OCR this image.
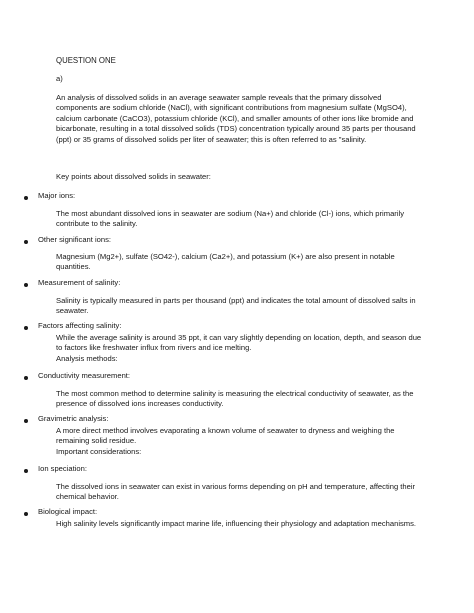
QUESTION ONE
a)
An analysis of dissolved solids in an average seawater sample reveals that the primary dissolved components are sodium chloride (NaCl), with significant contributions from magnesium sulfate (MgSO4), calcium carbonate (CaCO3), potassium chloride (KCl), and smaller amounts of other ions like bromide and bicarbonate, resulting in a total dissolved solids (TDS) concentration typically around 35 parts per thousand (ppt) or 35 grams of dissolved solids per liter of seawater; this is often referred to as "salinity.
Key points about dissolved solids in seawater:
Major ions:
The most abundant dissolved ions in seawater are sodium (Na+) and chloride (Cl-) ions, which primarily contribute to the salinity.
Other significant ions:
Magnesium (Mg2+), sulfate (SO42-), calcium (Ca2+), and potassium (K+) are also present in notable quantities.
Measurement of salinity:
Salinity is typically measured in parts per thousand (ppt) and indicates the total amount of dissolved salts in seawater.
Factors affecting salinity:
While the average salinity is around 35 ppt, it can vary slightly depending on location, depth, and season due to factors like freshwater influx from rivers and ice melting.
Analysis methods:
Conductivity measurement:
The most common method to determine salinity is measuring the electrical conductivity of seawater, as the presence of dissolved ions increases conductivity.
Gravimetric analysis:
A more direct method involves evaporating a known volume of seawater to dryness and weighing the remaining solid residue.
Important considerations:
Ion speciation:
The dissolved ions in seawater can exist in various forms depending on pH and temperature, affecting their chemical behavior.
Biological impact:
High salinity levels significantly impact marine life, influencing their physiology and adaptation mechanisms.
